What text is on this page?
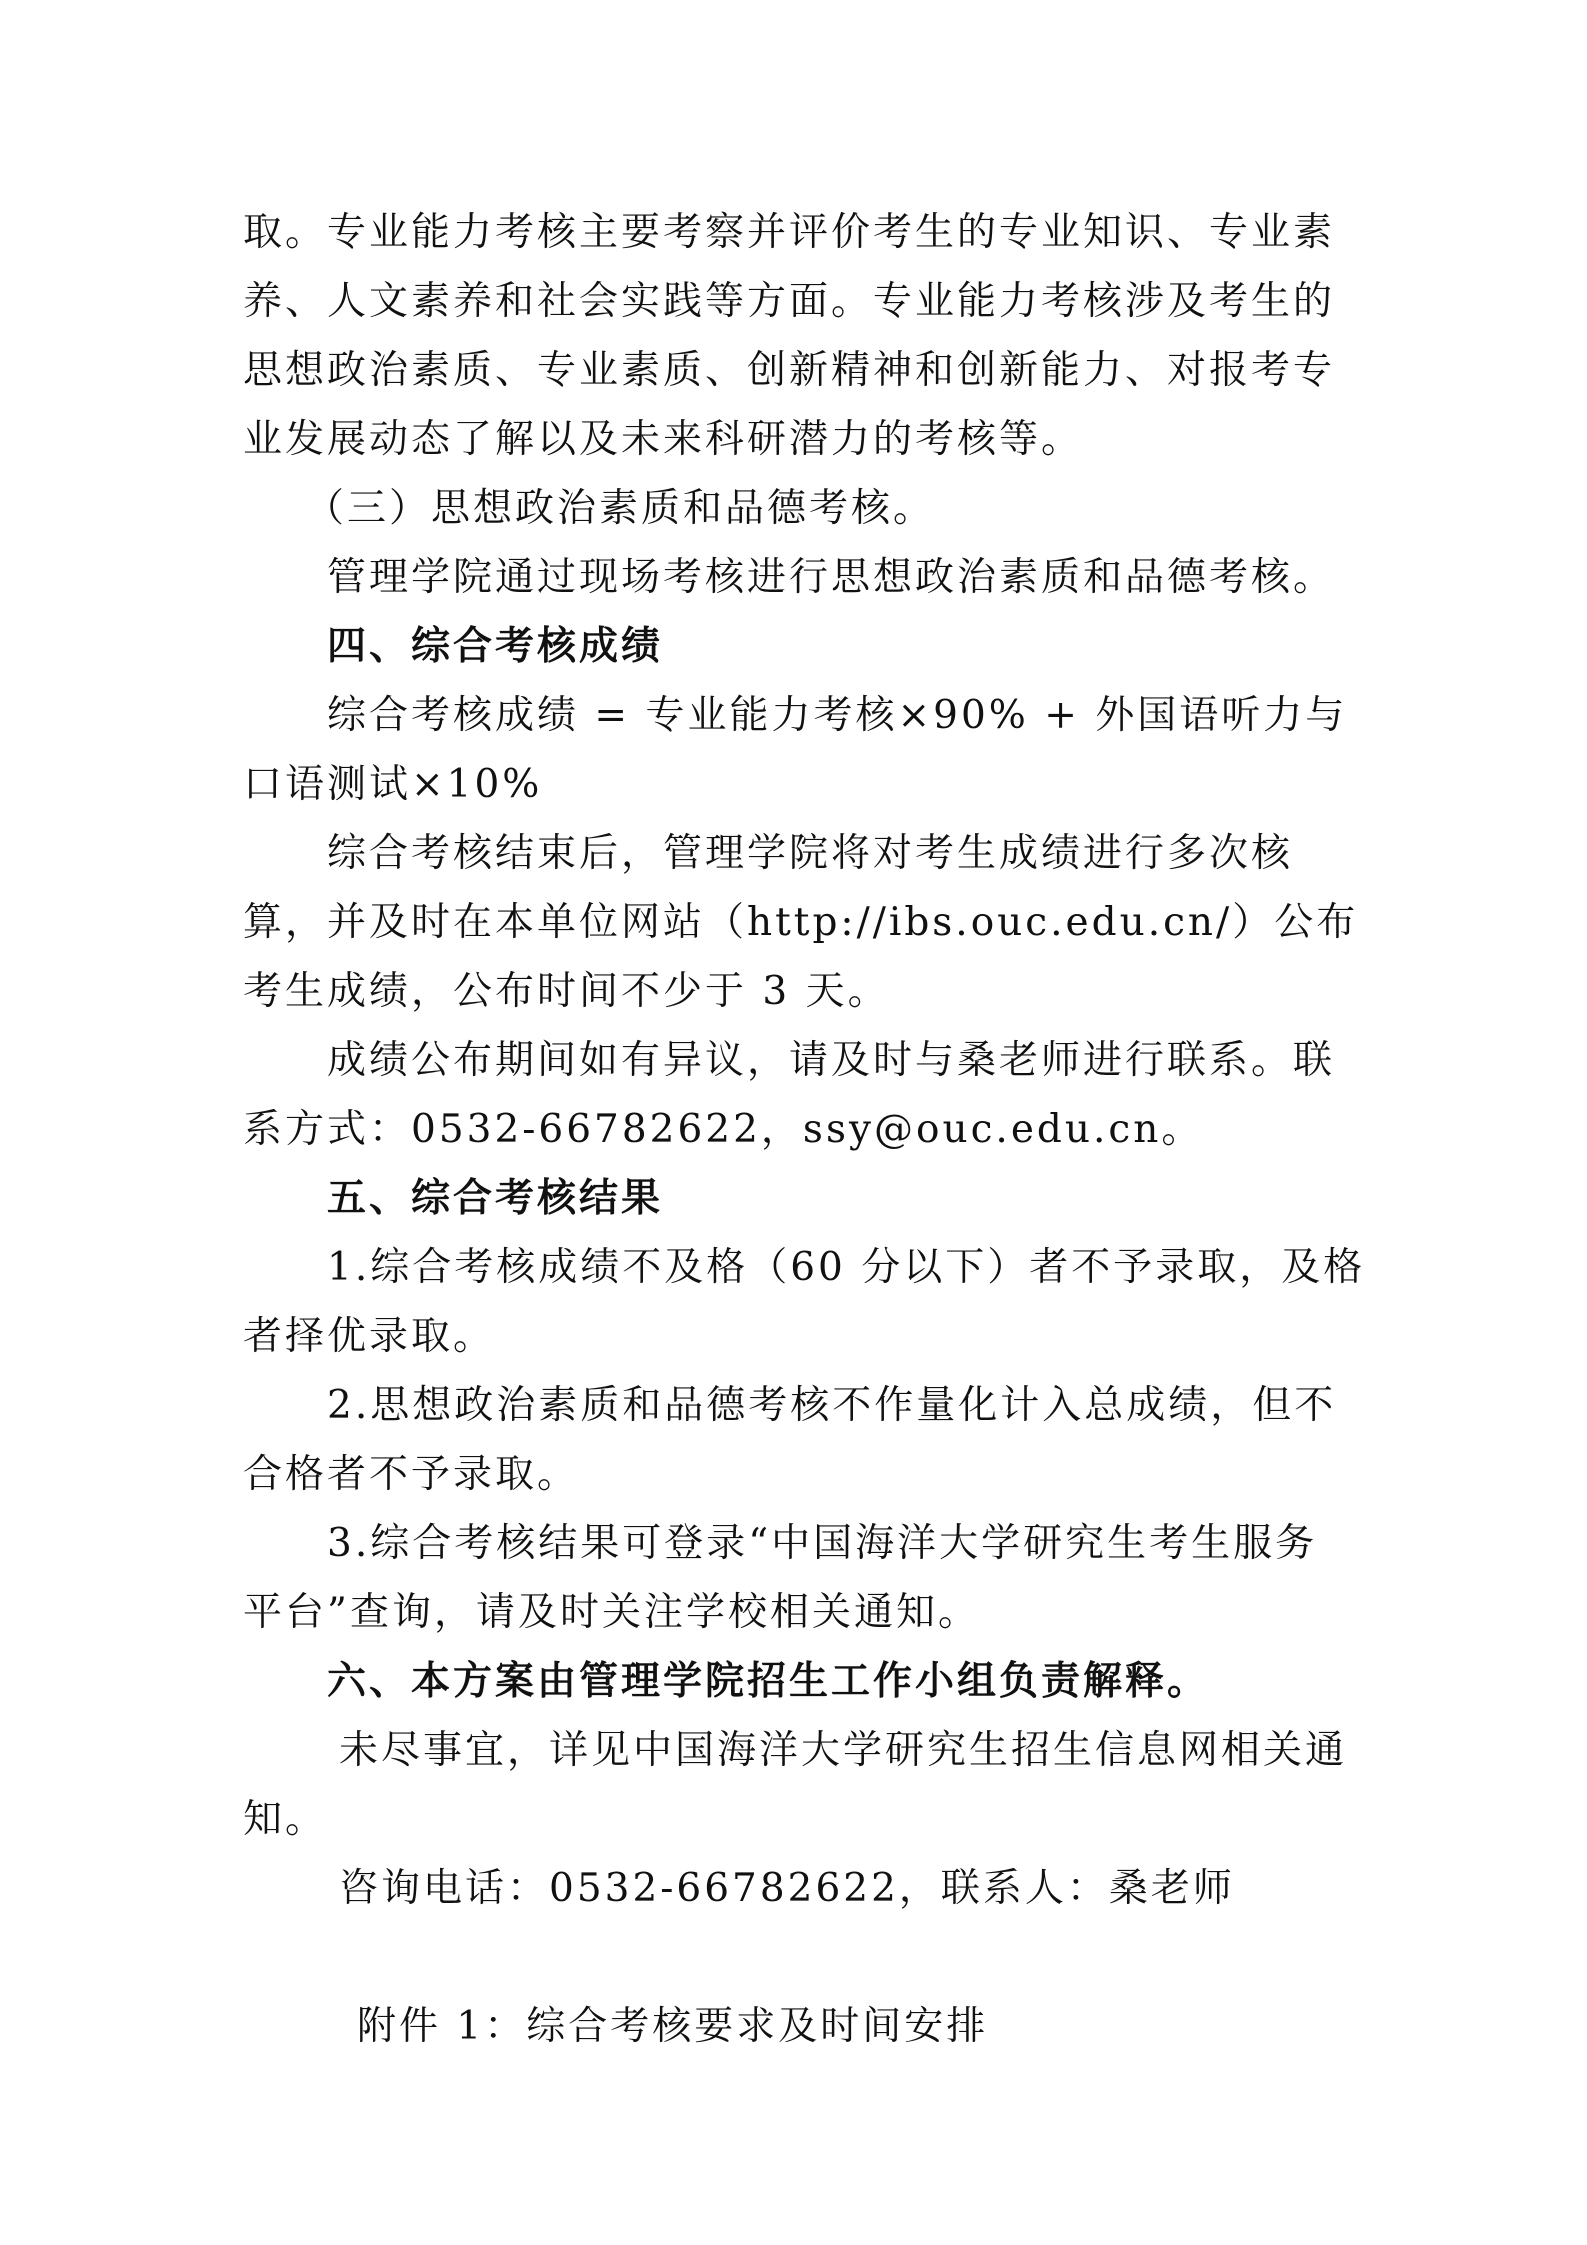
取。专业能力考核主要考察并评价考生的专业知识、专业素
养、人文素养和社会实践等方面。专业能力考核涉及考生的
思想政治素质、专业素质、创新精神和创新能力、对报考专
业发展动态了解以及未来科研潜力的考核等。
（三）思想政治素质和品德考核。
管理学院通过现场考核进行思想政治素质和品德考核。
四、综合考核成绩
综合考核成绩 = 专业能力考核×90% + 外国语听力与
口语测试×10%
综合考核结束后，管理学院将对考生成绩进行多次核
算，并及时在本单位网站（http://ibs.ouc.edu.cn/）公布
考生成绩，公布时间不少于 3 天。
成绩公布期间如有异议，请及时与桑老师进行联系。联
系方式：0532-66782622，ssy@ouc.edu.cn。
五、综合考核结果
1.综合考核成绩不及格（60 分以下）者不予录取，及格
者择优录取。
2.思想政治素质和品德考核不作量化计入总成绩，但不
合格者不予录取。
3.综合考核结果可登录“中国海洋大学研究生考生服务
平台”查询，请及时关注学校相关通知。
六、本方案由管理学院招生工作小组负责解释。
未尽事宜，详见中国海洋大学研究生招生信息网相关通
知。
咨询电话：0532-66782622，联系人：桑老师
附件 1：综合考核要求及时间安排
